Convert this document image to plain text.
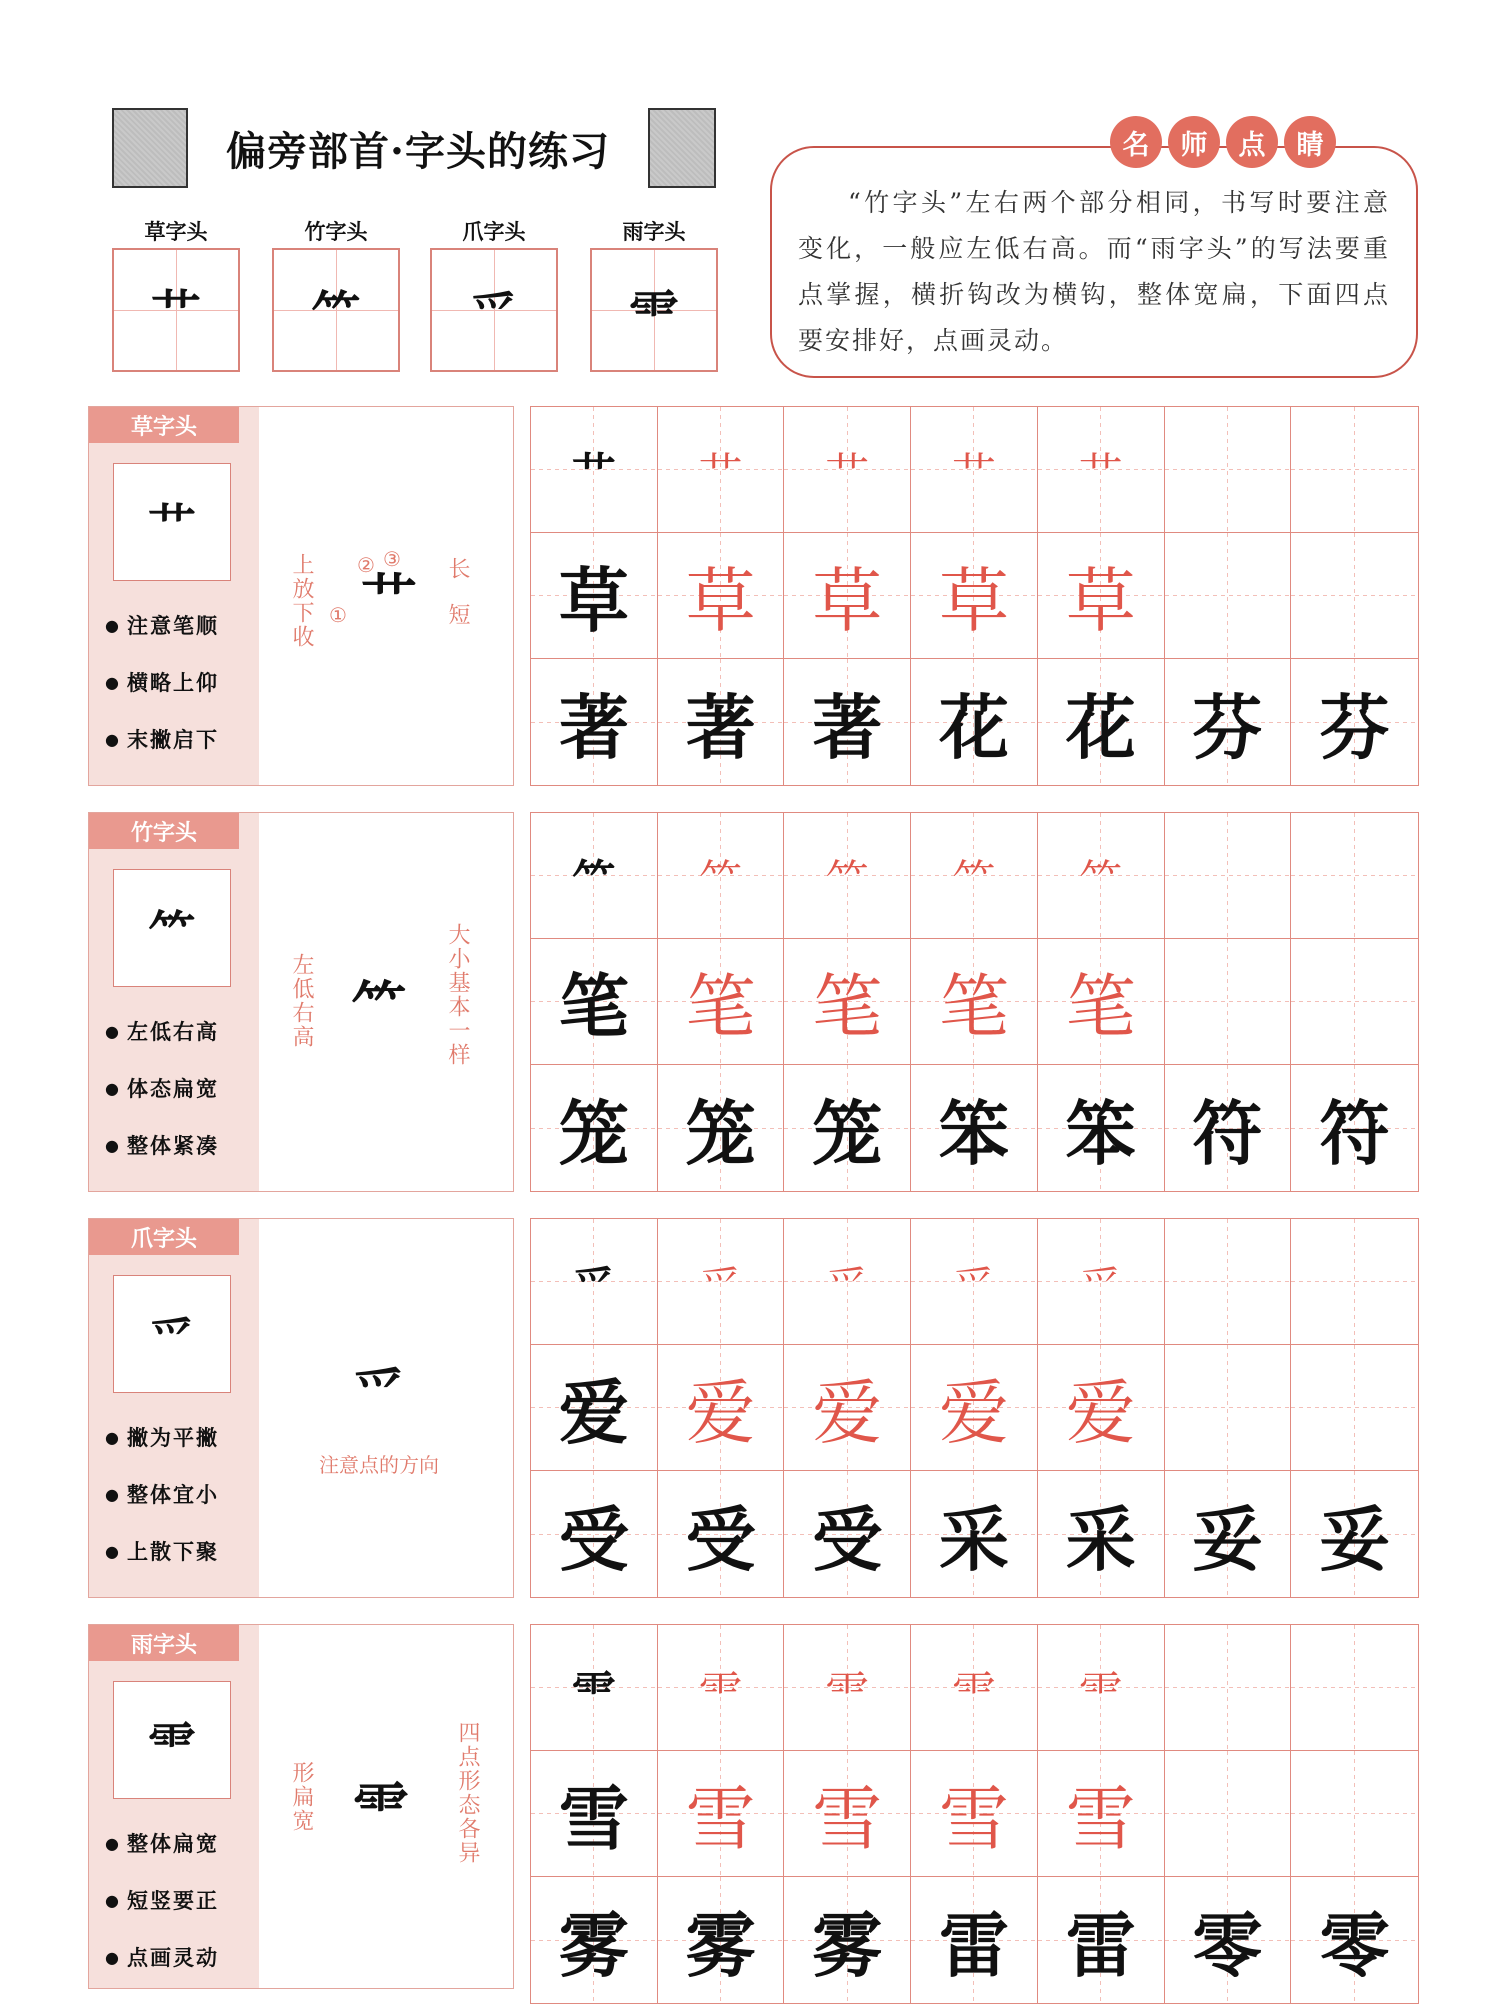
偏旁部首·字头的练习
草字头
艹
竹字头
⺮
爪字头
爫
雨字头
⻗

“竹字头”左右两个部分相同，书写时要注意变化，一般应左低右高。而“雨字头”的写法要重点掌握，横折钩改为横钩，整体宽扁，下面四点要安排好，点画灵动。

名	师	点	睛
草字头
艹
● 注意笔顺
● 横略上仰
● 末撇启下
上放下收 艹
①
② ③ 长
短
竹字头
⺮
● 左低右高
● 体态扁宽
● 整体紧凑
左低右高 ⺮ 大小基本一样
爪字头
爫
● 撇为平撇
● 整体宜小
● 上散下聚
爫
注意点的方向
雨字头
⻗
● 整体扁宽
● 短竖要正
● 点画灵动
形扁宽 ⻗ 四点形态各异
艹 艹 艹 艹 艹
草 草 草 草 草
著 著 著 花 花 芬 芬
⺮ ⺮ ⺮ ⺮ ⺮
笔 笔 笔 笔 笔
笼 笼 笼 笨 笨 符 符
爫 爫 爫 爫 爫
爱 爱 爱 爱 爱
受 受 受 采 采 妥 妥
⻗ ⻗ ⻗ ⻗ ⻗
雪 雪 雪 雪 雪
雾 雾 雾 雷 雷 零 零
